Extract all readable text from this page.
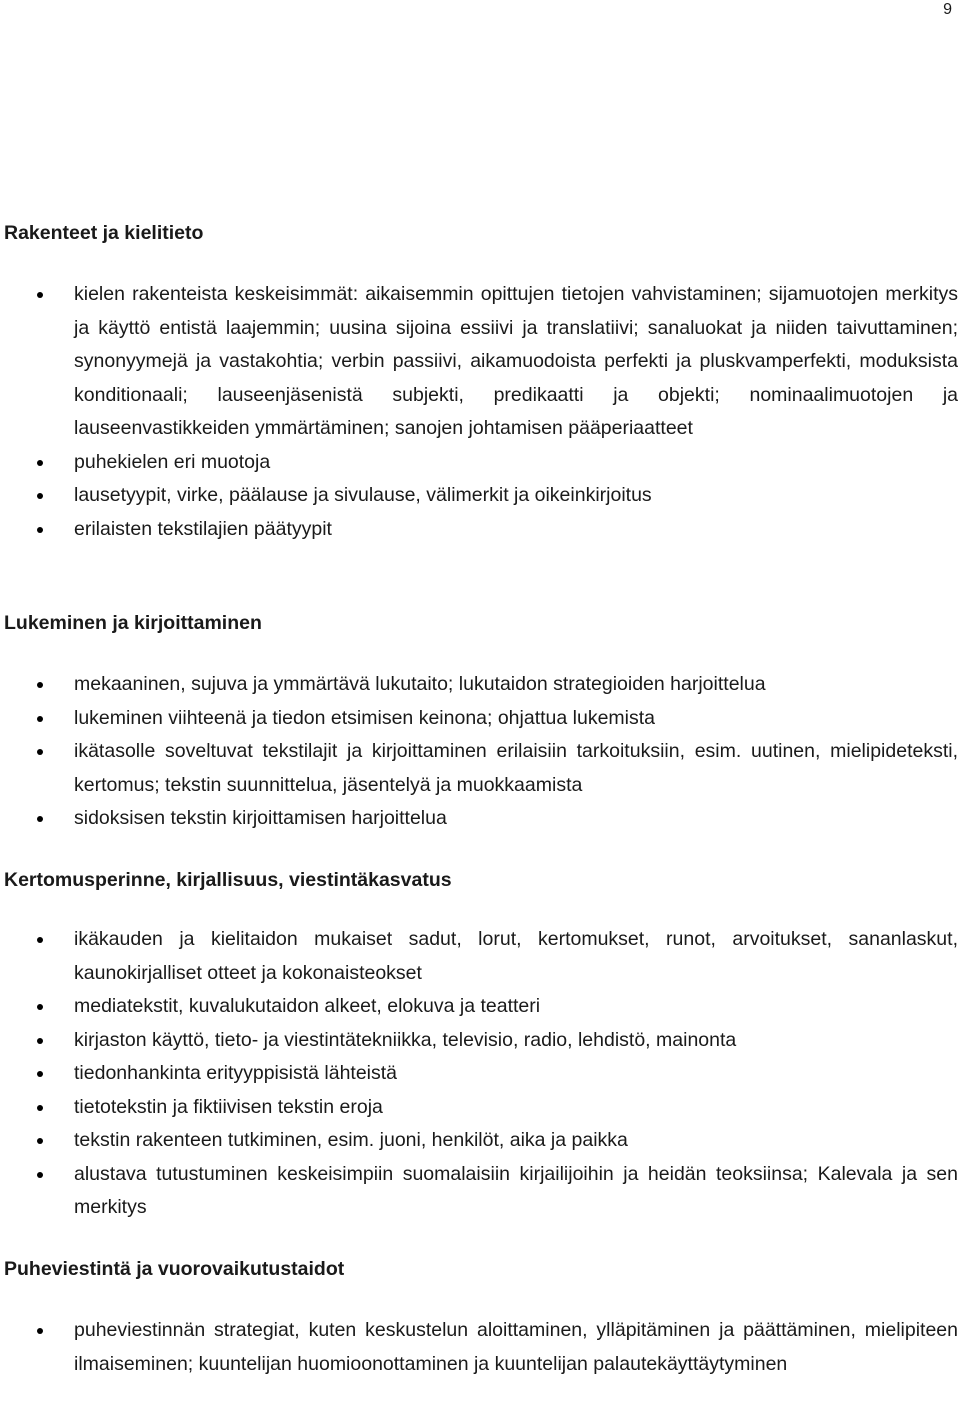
9
Rakenteet ja kielitieto
kielen rakenteista keskeisimmät: aikaisemmin opittujen tietojen vahvistaminen; sijamuotojen merkitys ja käyttö entistä laajemmin; uusina sijoina essiivi ja translatiivi; sanaluokat ja niiden taivuttaminen; synonyymejä ja vastakohtia; verbin passiivi, aikamuodoista perfekti ja pluskvamperfekti, moduksista konditionaali; lauseenjäsenistä subjekti, predikaatti ja objekti; nominaalimuotojen ja lauseenvastikkeiden ymmärtäminen; sanojen johtamisen pääperiaatteet
puhekielen eri muotoja
lausetyypit, virke, päälause ja sivulause, välimerkit ja oikeinkirjoitus
erilaisten tekstilajien päätyypit
Lukeminen ja kirjoittaminen
mekaaninen, sujuva ja ymmärtävä lukutaito; lukutaidon strategioiden harjoittelua
lukeminen viihteenä ja tiedon etsimisen keinona; ohjattua lukemista
ikätasolle soveltuvat tekstilajit ja kirjoittaminen erilaisiin tarkoituksiin, esim. uutinen, mielipideteksti, kertomus; tekstin suunnittelua, jäsentelyä ja muokkaamista
sidoksisen tekstin kirjoittamisen harjoittelua
Kertomusperinne, kirjallisuus, viestintäkasvatus
ikäkauden ja kielitaidon mukaiset sadut, lorut, kertomukset, runot, arvoitukset, sananlaskut, kaunokirjalliset otteet ja kokonaisteokset
mediatekstit, kuvalukutaidon alkeet, elokuva ja teatteri
kirjaston käyttö, tieto- ja viestintätekniikka, televisio, radio, lehdistö, mainonta
tiedonhankinta erityyppisistä lähteistä
tietotekstin ja fiktiivisen tekstin eroja
tekstin rakenteen tutkiminen, esim. juoni, henkilöt, aika ja paikka
alustava tutustuminen keskeisimpiin suomalaisiin kirjailijoihin ja heidän teoksiinsa; Kalevala ja sen merkitys
Puheviestintä ja vuorovaikutustaidot
puheviestinnän strategiat, kuten keskustelun aloittaminen, ylläpitäminen ja päättäminen, mielipiteen ilmaiseminen; kuuntelijan huomioonottaminen ja kuuntelijan palautekäyttäytyminen
